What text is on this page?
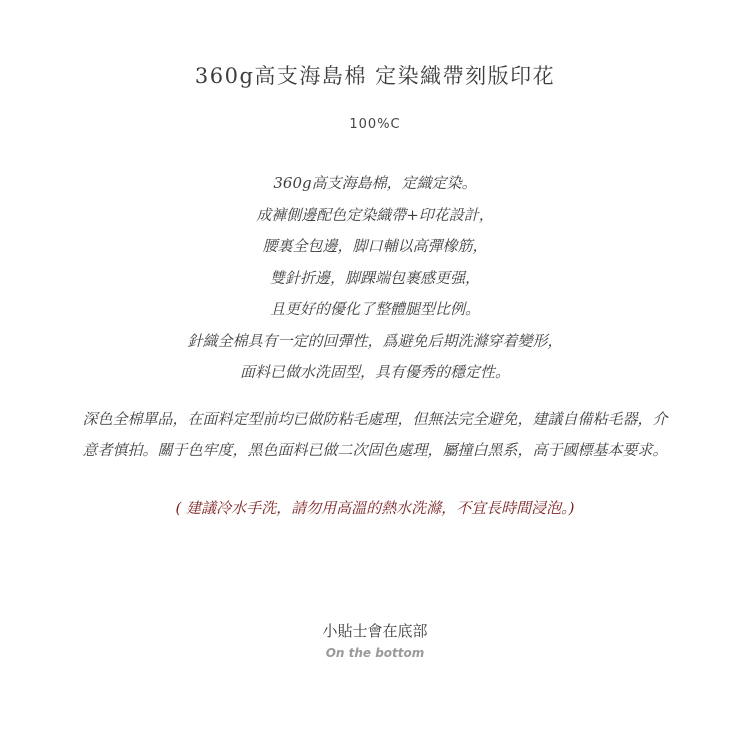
360g高支海島棉 定染織帶刻版印花
100%C
360g高支海島棉，定織定染。
成褲側邊配色定染織帶+印花設計，
腰裏全包邊，脚口輔以高彈橡筋，
雙針折邊，脚踝端包裹感更强，
且更好的優化了整體腿型比例。
針織全棉具有一定的回彈性，爲避免后期洗滌穿着變形，
面料已做水洗固型，具有優秀的穩定性。
深色全棉單品，在面料定型前均已做防粘毛處理，但無法完全避免，建議自備粘毛器，介
意者慎拍。關于色牢度，黑色面料已做二次固色處理，屬撞白黑系，高于國標基本要求。
( 建議冷水手洗，請勿用高溫的熱水洗滌，不宜長時間浸泡。)
小貼士會在底部
On the bottom
